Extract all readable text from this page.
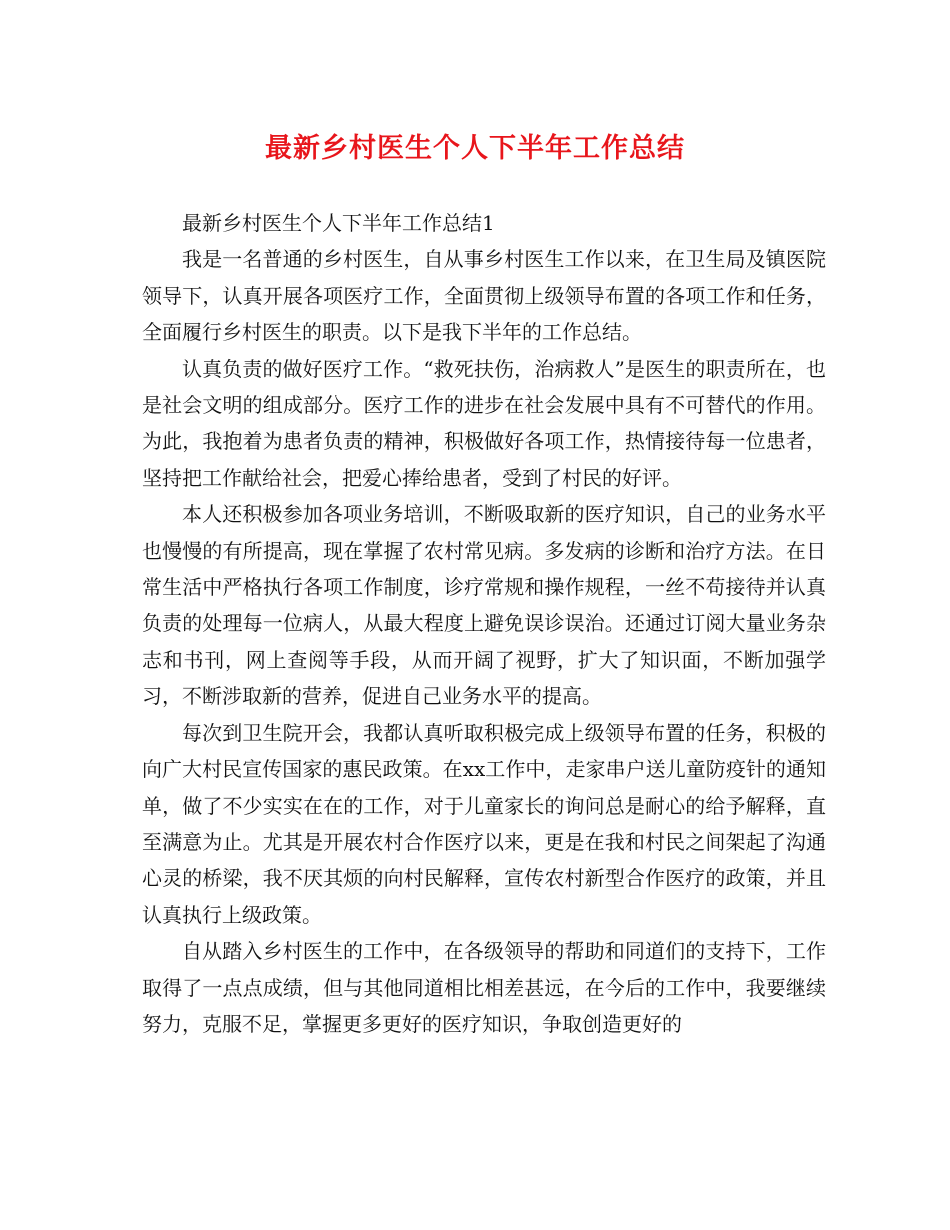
最新乡村医生个人下半年工作总结

最新乡村医生个人下半年工作总结1

我是一名普通的乡村医生，自从事乡村医生工作以来，在卫生局及镇医院领导下，认真开展各项医疗工作，全面贯彻上级领导布置的各项工作和任务，全面履行乡村医生的职责。以下是我下半年的工作总结。

认真负责的做好医疗工作。“救死扶伤，治病救人”是医生的职责所在，也是社会文明的组成部分。医疗工作的进步在社会发展中具有不可替代的作用。为此，我抱着为患者负责的精神，积极做好各项工作，热情接待每一位患者，坚持把工作献给社会，把爱心捧给患者，受到了村民的好评。

本人还积极参加各项业务培训，不断吸取新的医疗知识，自己的业务水平也慢慢的有所提高，现在掌握了农村常见病。多发病的诊断和治疗方法。在日常生活中严格执行各项工作制度，诊疗常规和操作规程，一丝不苟接待并认真负责的处理每一位病人，从最大程度上避免误诊误治。还通过订阅大量业务杂志和书刊，网上查阅等手段，从而开阔了视野，扩大了知识面，不断加强学习，不断涉取新的营养，促进自己业务水平的提高。

每次到卫生院开会，我都认真听取积极完成上级领导布置的任务，积极的向广大村民宣传国家的惠民政策。在xx工作中，走家串户送儿童防疫针的通知单，做了不少实实在在的工作，对于儿童家长的询问总是耐心的给予解释，直至满意为止。尤其是开展农村合作医疗以来，更是在我和村民之间架起了沟通心灵的桥梁，我不厌其烦的向村民解释，宣传农村新型合作医疗的政策，并且认真执行上级政策。

自从踏入乡村医生的工作中，在各级领导的帮助和同道们的支持下，工作取得了一点点成绩，但与其他同道相比相差甚远，在今后的工作中，我要继续努力，克服不足，掌握更多更好的医疗知识，争取创造更好的
